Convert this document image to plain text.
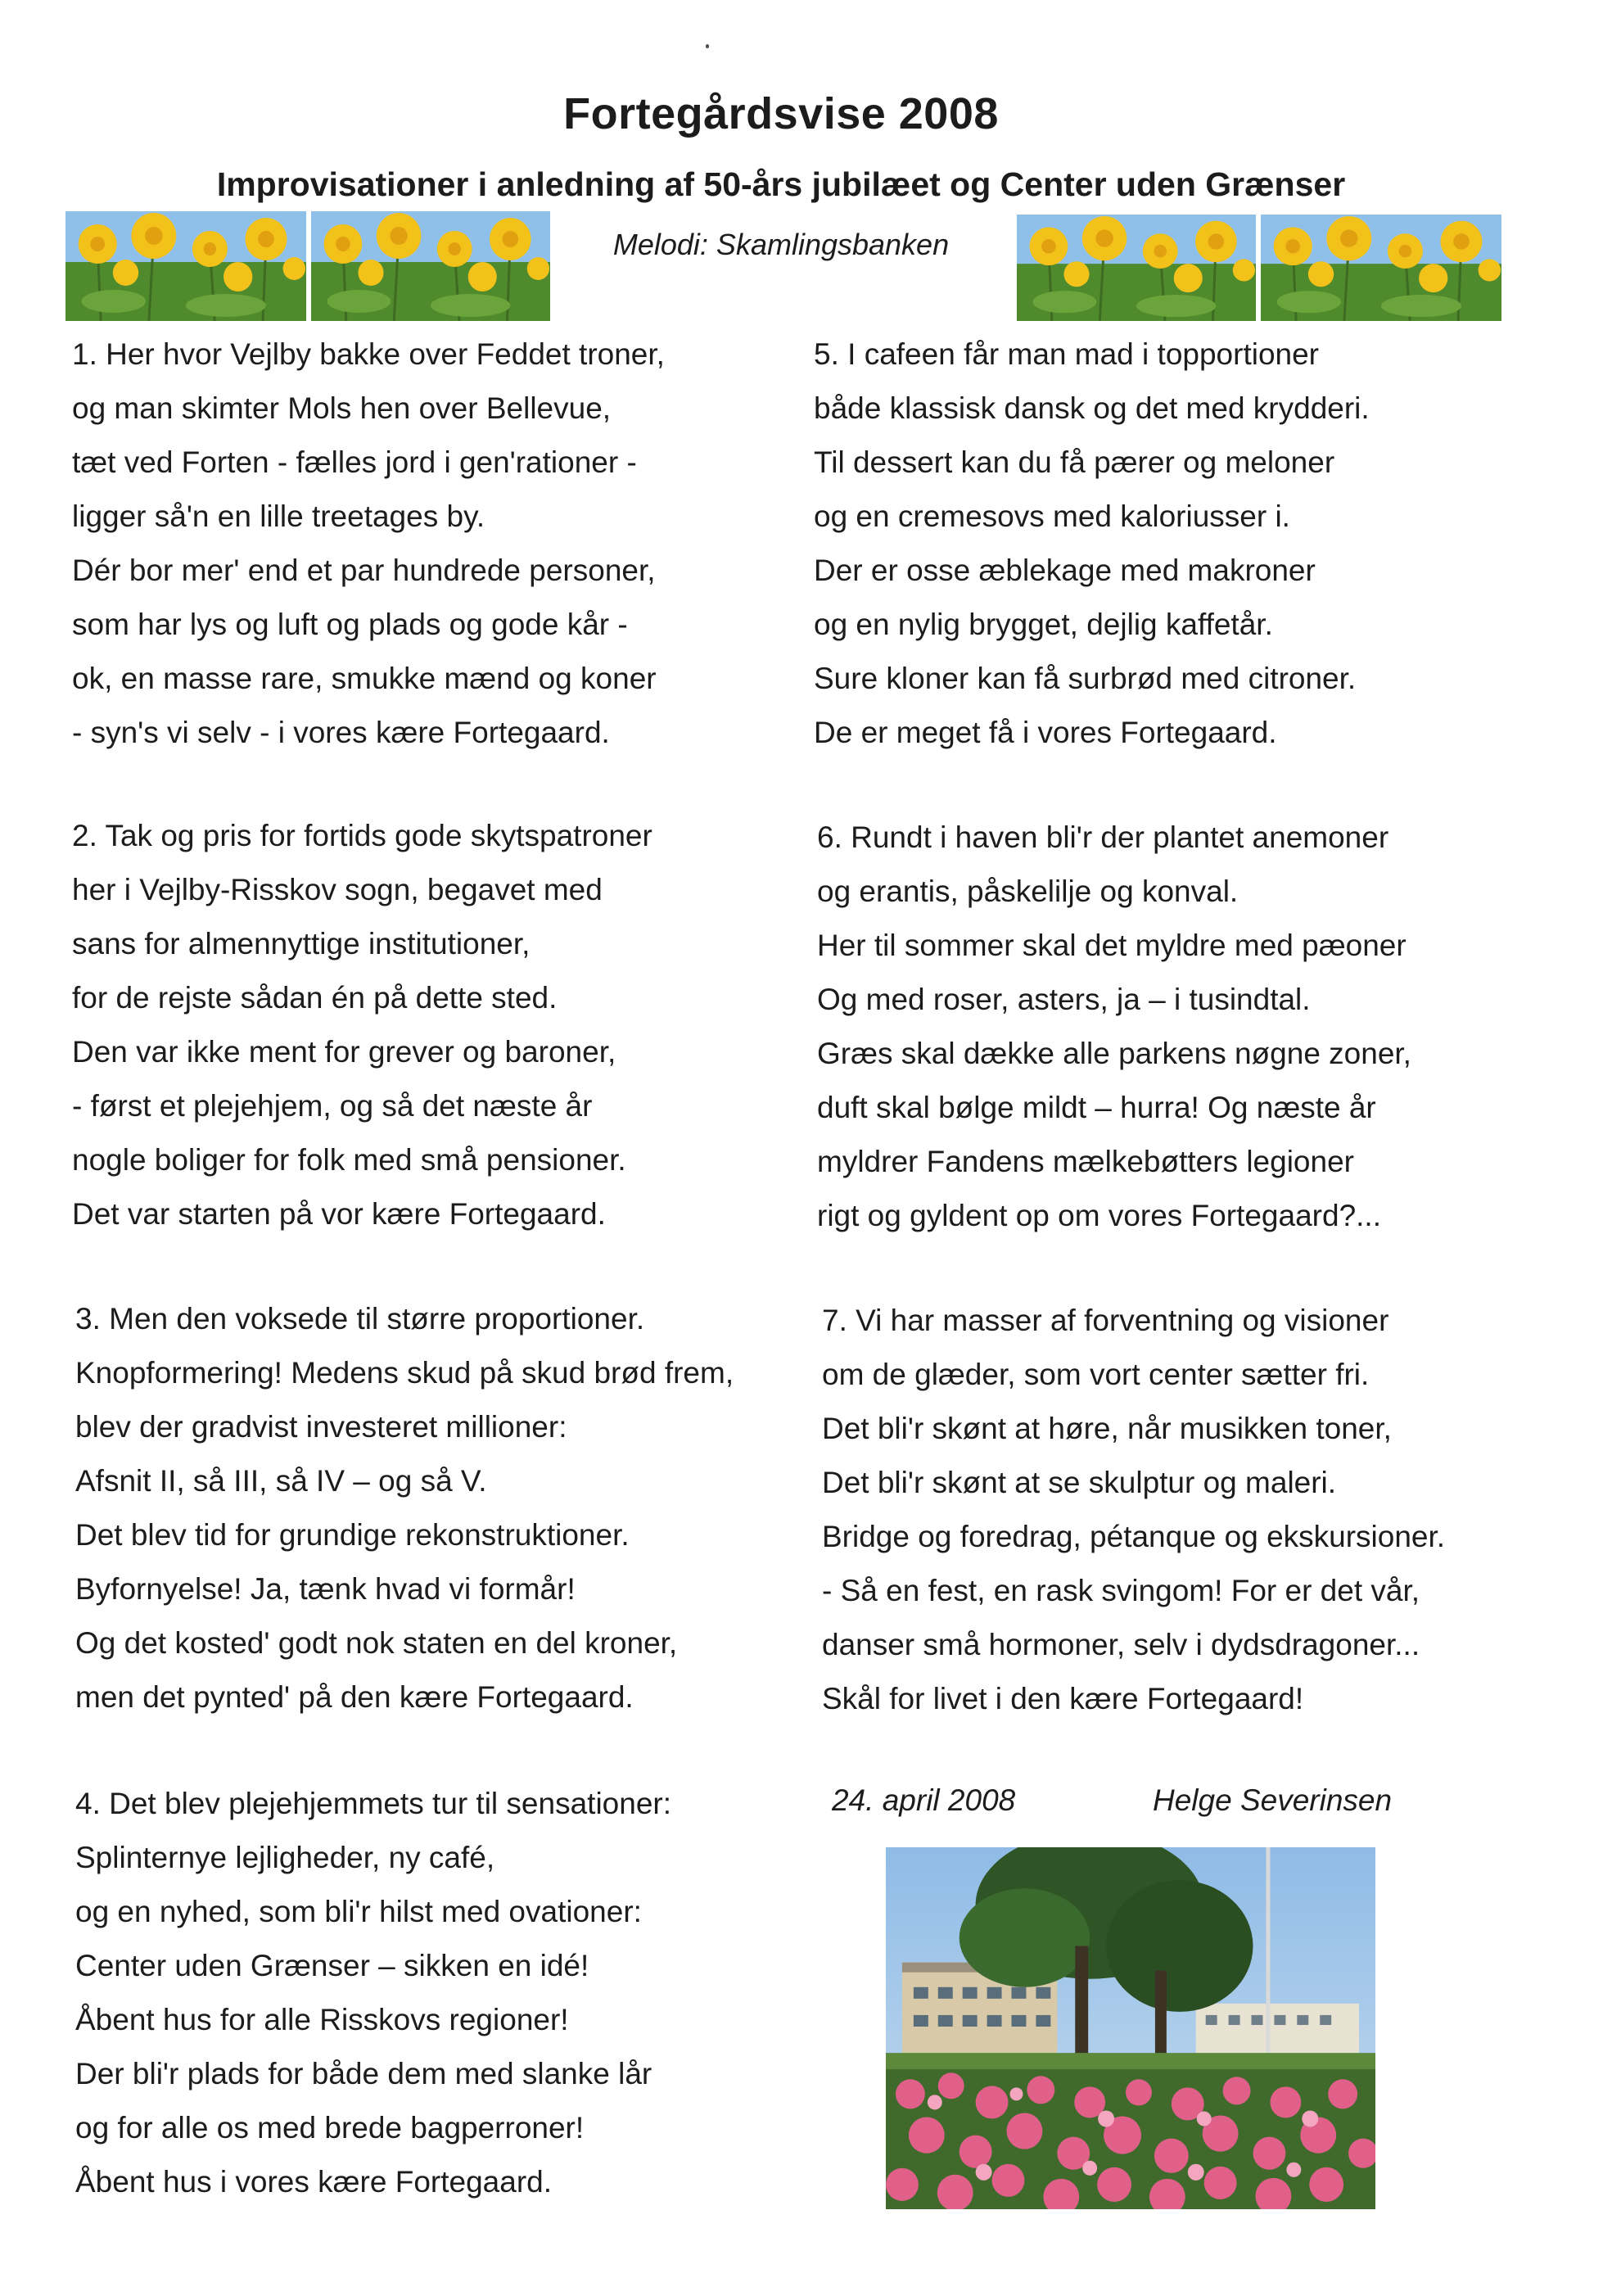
Fortegårdsvise 2008
Improvisationer i anledning af 50-års jubilæet og Center uden Grænser
Melodi: Skamlingsbanken
1. Her hvor Vejlby bakke over Feddet troner,
og man skimter Mols hen over Bellevue,
tæt ved Forten - fælles jord i gen'rationer -
ligger så'n en lille treetages by.
Dér bor mer' end et par hundrede personer,
som har lys og luft og plads og gode kår -
ok, en masse rare, smukke mænd og koner
- syn's vi selv - i vores kære Fortegaard.
2. Tak og pris for fortids gode skytspatroner
her i Vejlby-Risskov sogn, begavet med
sans for almennyttige institutioner,
for de rejste sådan én på dette sted.
Den var ikke ment for grever og baroner,
- først et plejehjem, og så det næste år
nogle boliger for folk med små pensioner.
Det var starten på vor kære Fortegaard.
3. Men den voksede til større proportioner.
Knopformering! Medens skud på skud brød frem,
blev der gradvist investeret millioner:
Afsnit II, så III, så IV – og så V.
Det blev tid for grundige rekonstruktioner.
Byfornyelse! Ja, tænk hvad vi formår!
Og det kosted' godt nok staten en del kroner,
men det pynted' på den kære Fortegaard.
4. Det blev plejehjemmets tur til sensationer:
Splinternye lejligheder, ny café,
og en nyhed, som bli'r hilst med ovationer:
Center uden Grænser – sikken en idé!
Åbent hus for alle Risskovs regioner!
Der bli'r plads for både dem med slanke lår
og for alle os med brede bagperroner!
Åbent hus i vores kære Fortegaard.
5. I cafeen får man mad i topportioner
både klassisk dansk og det med krydderi.
Til dessert kan du få pærer og meloner
og en cremesovs med kaloriusser i.
Der er osse æblekage med makroner
og en nylig brygget, dejlig kaffetår.
Sure kloner kan få surbrød med citroner.
De er meget få i vores Fortegaard.
6. Rundt i haven bli'r der plantet anemoner
og erantis, påskelilje og konval.
Her til sommer skal det myldre med pæoner
Og med roser, asters, ja – i tusindtal.
Græs skal dække alle parkens nøgne zoner,
duft skal bølge mildt – hurra! Og næste år
myldrer Fandens mælkebøtters legioner
rigt og gyldent op om vores Fortegaard?...
7. Vi har masser af forventning og visioner
om de glæder, som vort center sætter fri.
Det bli'r skønt at høre, når musikken toner,
Det bli'r skønt at se skulptur og maleri.
Bridge og foredrag, pétanque og ekskursioner.
- Så en fest, en rask svingom! For er det vår,
danser små hormoner, selv i dydsdragoner...
Skål for livet i den kære Fortegaard!
24. april 2008	Helge Severinsen
